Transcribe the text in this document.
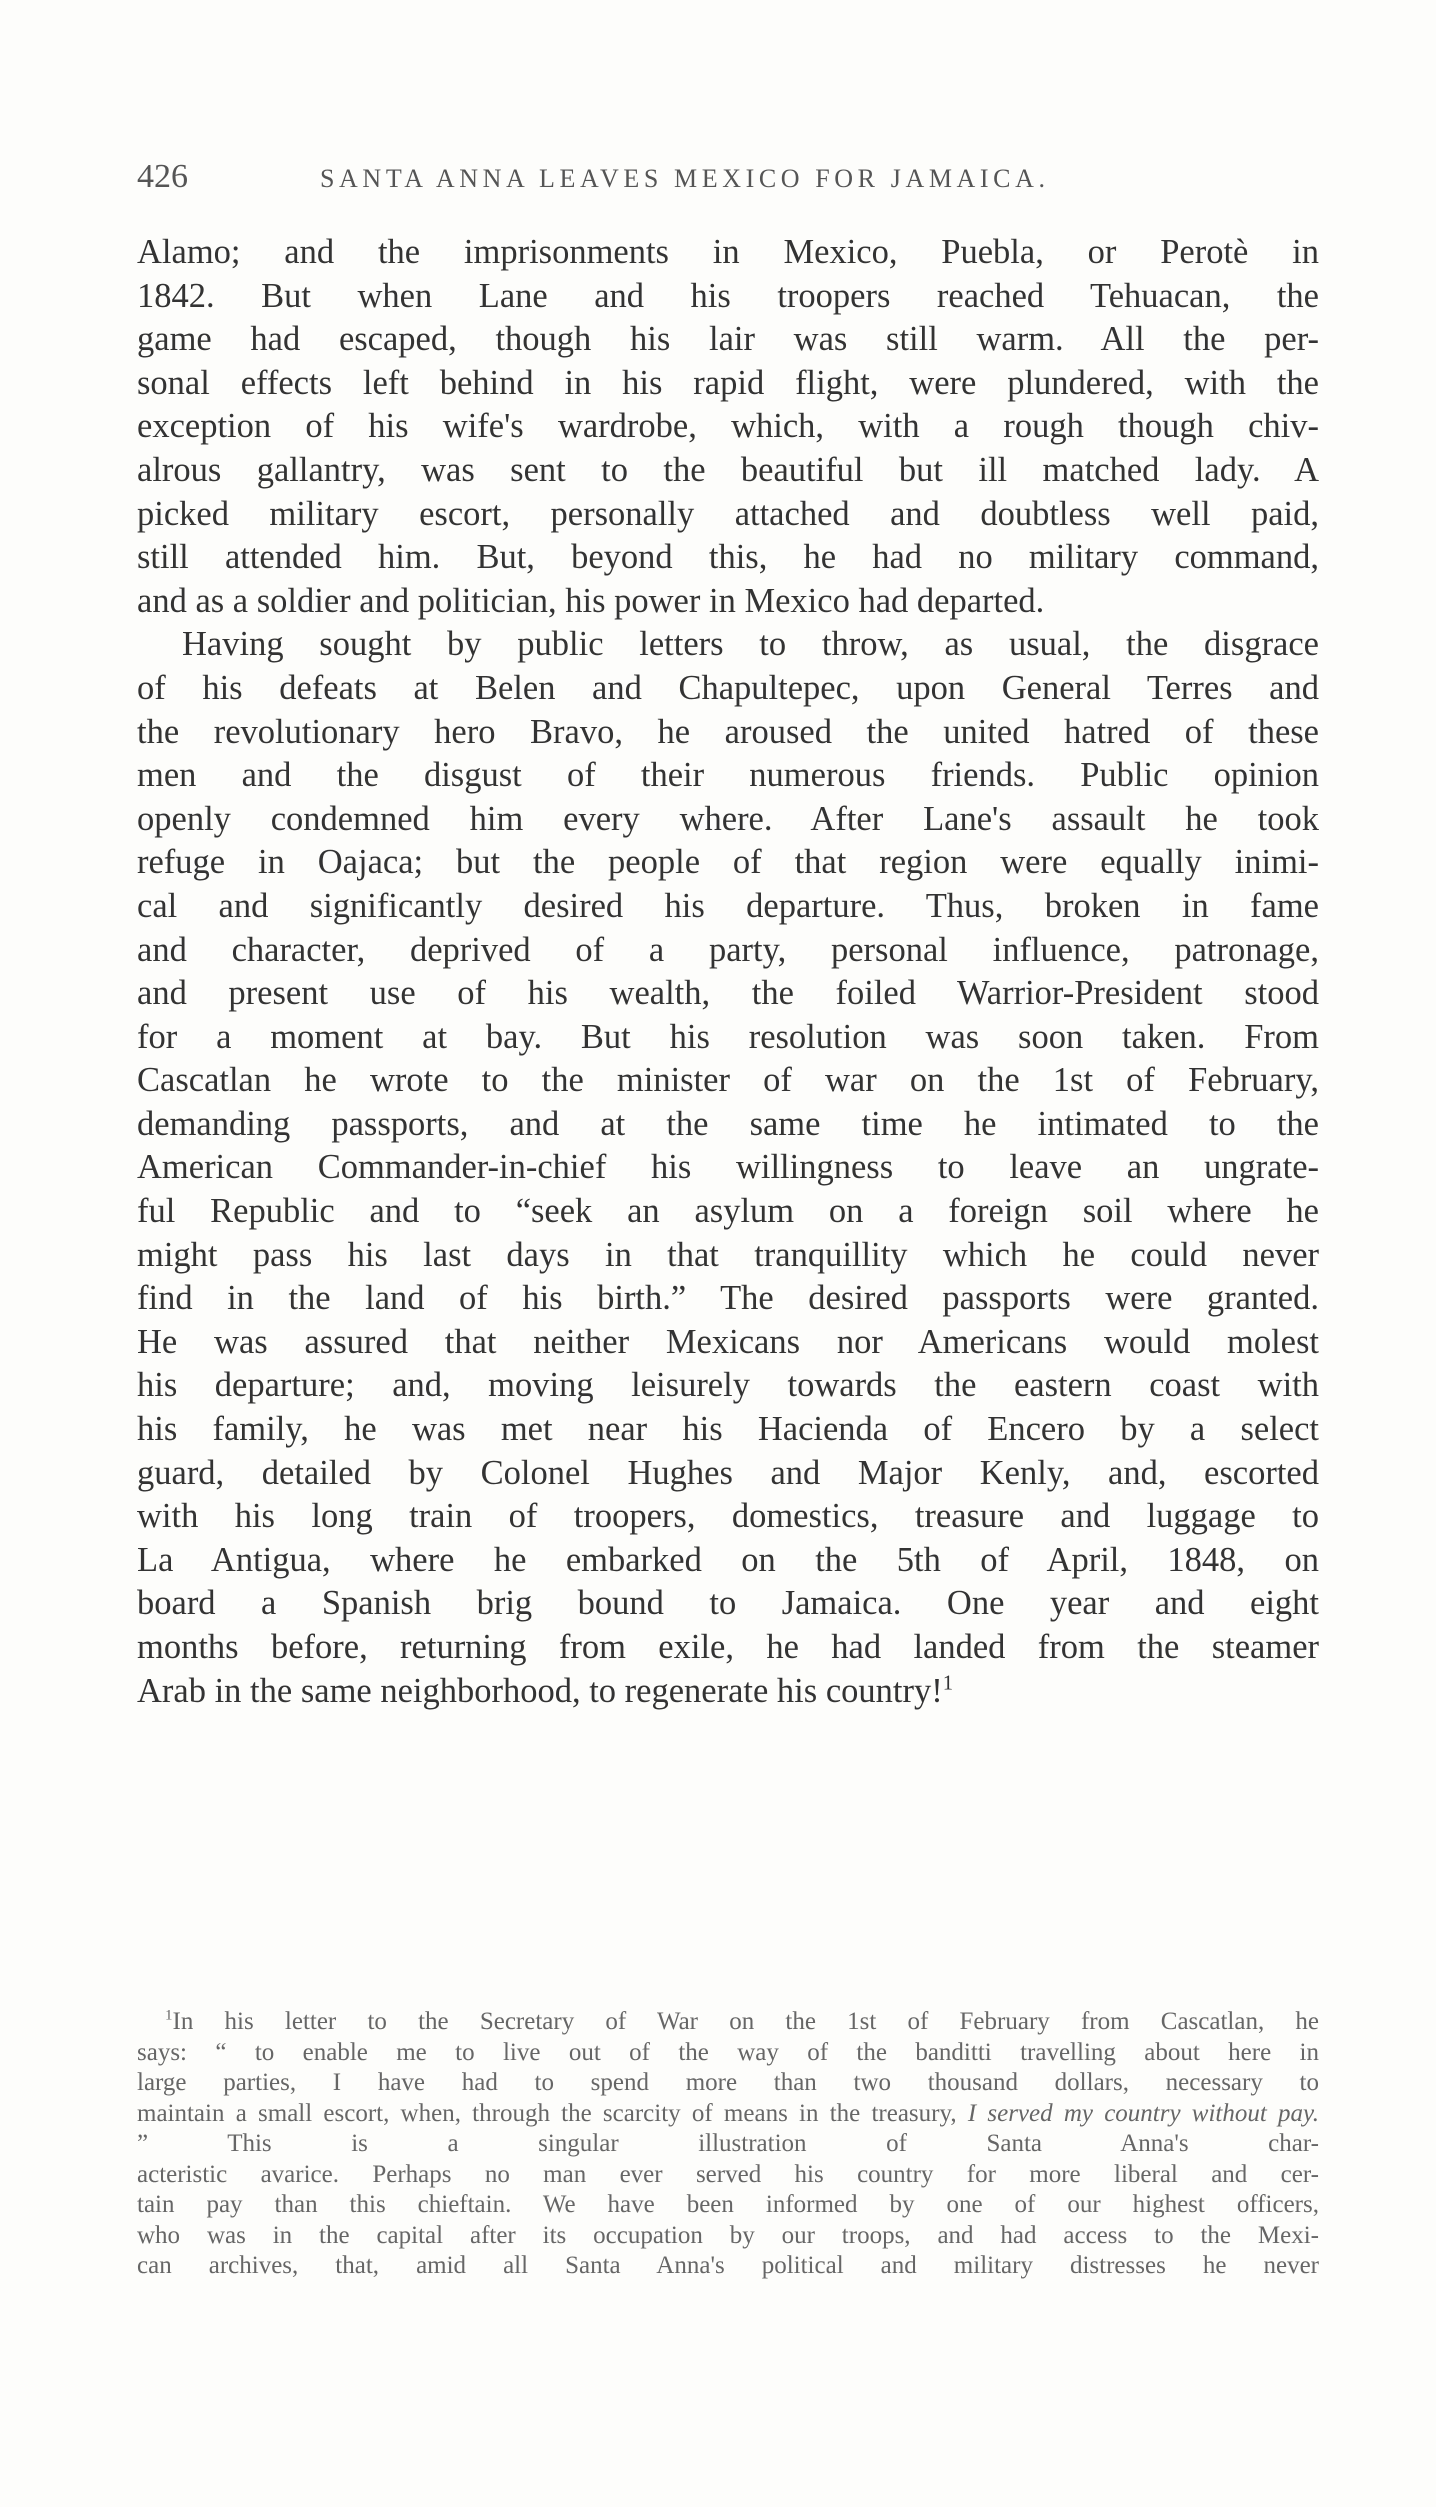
426	SANTA ANNA LEAVES MEXICO FOR JAMAICA.
Alamo; and the imprisonments in Mexico, Puebla, or Perotè in
1842. But when Lane and his troopers reached Tehuacan, the
game had escaped, though his lair was still warm. All the per-
sonal effects left behind in his rapid flight, were plundered, with the
exception of his wife's wardrobe, which, with a rough though chiv-
alrous gallantry, was sent to the beautiful but ill matched lady. A
picked military escort, personally attached and doubtless well paid,
still attended him. But, beyond this, he had no military command,
and as a soldier and politician, his power in Mexico had departed.
Having sought by public letters to throw, as usual, the disgrace
of his defeats at Belen and Chapultepec, upon General Terres and
the revolutionary hero Bravo, he aroused the united hatred of these
men and the disgust of their numerous friends. Public opinion
openly condemned him every where. After Lane's assault he took
refuge in Oajaca; but the people of that region were equally inimi-
cal and significantly desired his departure. Thus, broken in fame
and character, deprived of a party, personal influence, patronage,
and present use of his wealth, the foiled Warrior-President stood
for a moment at bay. But his resolution was soon taken. From
Cascatlan he wrote to the minister of war on the 1st of February,
demanding passports, and at the same time he intimated to the
American Commander-in-chief his willingness to leave an ungrate-
ful Republic and to “seek an asylum on a foreign soil where he
might pass his last days in that tranquillity which he could never
find in the land of his birth.” The desired passports were granted.
He was assured that neither Mexicans nor Americans would molest
his departure; and, moving leisurely towards the eastern coast with
his family, he was met near his Hacienda of Encero by a select
guard, detailed by Colonel Hughes and Major Kenly, and, escorted
with his long train of troopers, domestics, treasure and luggage to
La Antigua, where he embarked on the 5th of April, 1848, on
board a Spanish brig bound to Jamaica. One year and eight
months before, returning from exile, he had landed from the steamer
Arab in the same neighborhood, to regenerate his country!$^1$
$^1$In his letter to the Secretary of War on the 1st of February from Cascatlan, he
says: “ to enable me to live out of the way of the banditti travelling about here in
large parties, I have had to spend more than two thousand dollars, necessary to
maintain a small escort, when, through the scarcity of means in the treasury, I served my country without pay.
” This is a singular illustration of Santa Anna's char-
acteristic avarice. Perhaps no man ever served his country for more liberal and cer-
tain pay than this chieftain. We have been informed by one of our highest officers,
who was in the capital after its occupation by our troops, and had access to the Mexi-
can archives, that, amid all Santa Anna's political and military distresses he never
